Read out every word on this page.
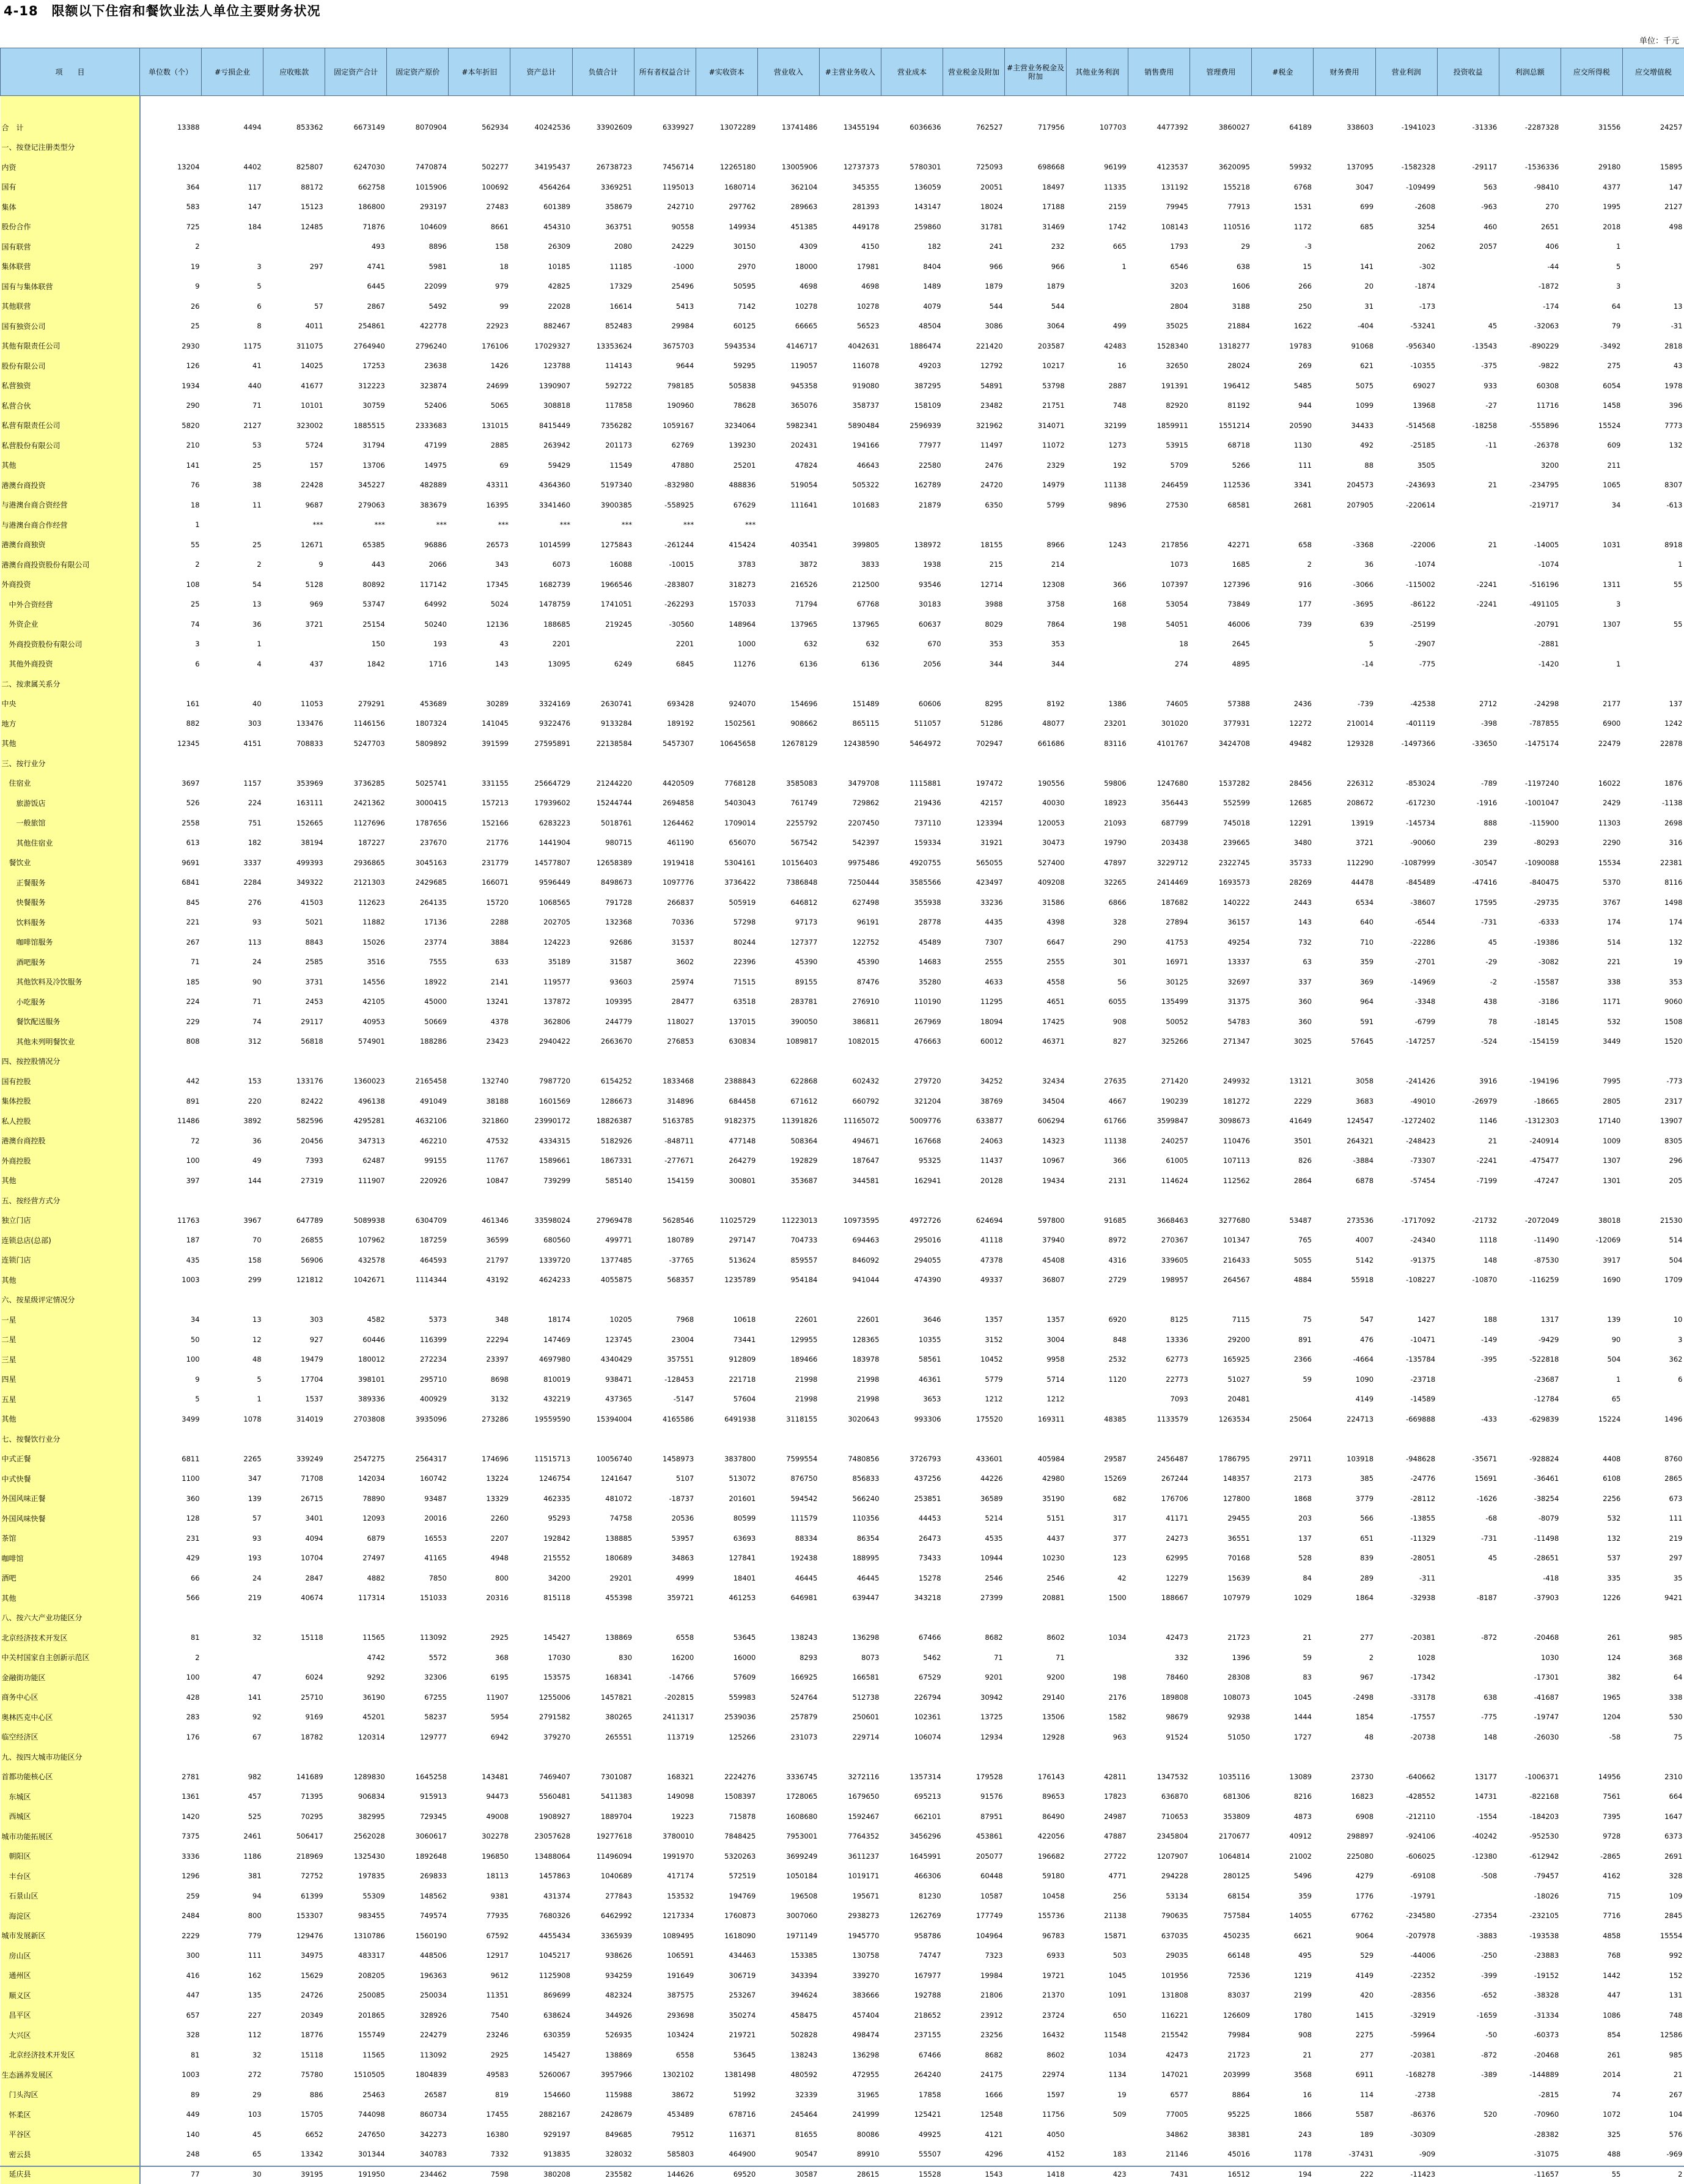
4-18　限额以下住宿和餐饮业法人单位主要财务状况
单位：千元
项　　目	单位数（个）	#亏损企业	应收账款	固定资产合计	固定资产原价	#本年折旧	资产总计	负债合计	所有者权益合计	#实收资本	营业收入	#主营业务收入	营业成本	营业税金及附加	#主营业务税金及附加	其他业务利润	销售费用	管理费用	#税金	财务费用	营业利润	投资收益	利润总额	应交所得税	应交增值税

合　计	13388	4494	853362	6673149	8070904	562934	40242536	33902609	6339927	13072289	13741486	13455194	6036636	762527	717956	107703	4477392	3860027	64189	338603	-1941023	-31336	-2287328	31556	24257
一、按登记注册类型分																									
内资	13204	4402	825807	6247030	7470874	502277	34195437	26738723	7456714	12265180	13005906	12737373	5780301	725093	698668	96199	4123537	3620095	59932	137095	-1582328	-29117	-1536336	29180	15895
国有	364	117	88172	662758	1015906	100692	4564264	3369251	1195013	1680714	362104	345355	136059	20051	18497	11335	131192	155218	6768	3047	-109499	563	-98410	4377	147
集体	583	147	15123	186800	293197	27483	601389	358679	242710	297762	289663	281393	143147	18024	17188	2159	79945	77913	1531	699	-2608	-963	270	1995	2127
股份合作	725	184	12485	71876	104609	8661	454310	363751	90558	149934	451385	449178	259860	31781	31469	1742	108143	110516	1172	685	3254	460	2651	2018	498
国有联营	2			493	8896	158	26309	2080	24229	30150	4309	4150	182	241	232	665	1793	29	-3		2062	2057	406	1	
集体联营	19	3	297	4741	5981	18	10185	11185	-1000	2970	18000	17981	8404	966	966	1	6546	638	15	141	-302		-44	5	
国有与集体联营	9	5		6445	22099	979	42825	17329	25496	50595	4698	4698	1489	1879	1879		3203	1606	266	20	-1874		-1872	3	
其他联营	26	6	57	2867	5492	99	22028	16614	5413	7142	10278	10278	4079	544	544		2804	3188	250	31	-173		-174	64	13
国有独资公司	25	8	4011	254861	422778	22923	882467	852483	29984	60125	66665	56523	48504	3086	3064	499	35025	21884	1622	-404	-53241	45	-32063	79	-31
其他有限责任公司	2930	1175	311075	2764940	2796240	176106	17029327	13353624	3675703	5943534	4146717	4042631	1886474	221420	203587	42483	1528340	1318277	19783	91068	-956340	-13543	-890229	-3492	2818
股份有限公司	126	41	14025	17253	23638	1426	123788	114143	9644	59295	119057	116078	49203	12792	10217	16	32650	28024	269	621	-10355	-375	-9822	275	43
私营独资	1934	440	41677	312223	323874	24699	1390907	592722	798185	505838	945358	919080	387295	54891	53798	2887	191391	196412	5485	5075	69027	933	60308	6054	1978
私营合伙	290	71	10101	30759	52406	5065	308818	117858	190960	78628	365076	358737	158109	23482	21751	748	82920	81192	944	1099	13968	-27	11716	1458	396
私营有限责任公司	5820	2127	323002	1885515	2333683	131015	8415449	7356282	1059167	3234064	5982341	5890484	2596939	321962	314071	32199	1859911	1551214	20590	34433	-514568	-18258	-555896	15524	7773
私营股份有限公司	210	53	5724	31794	47199	2885	263942	201173	62769	139230	202431	194166	77977	11497	11072	1273	53915	68718	1130	492	-25185	-11	-26378	609	132
其他	141	25	157	13706	14975	69	59429	11549	47880	25201	47824	46643	22580	2476	2329	192	5709	5266	111	88	3505		3200	211	
港澳台商投资	76	38	22428	345227	482889	43311	4364360	5197340	-832980	488836	519054	505322	162789	24720	14979	11138	246459	112536	3341	204573	-243693	21	-234795	1065	8307
与港澳台商合资经营	18	11	9687	279063	383679	16395	3341460	3900385	-558925	67629	111641	101683	21879	6350	5799	9896	27530	68581	2681	207905	-220614		-219717	34	-613
与港澳台商合作经营	1		***	***	***	***	***	***	***	***															
港澳台商独资	55	25	12671	65385	96886	26573	1014599	1275843	-261244	415424	403541	399805	138972	18155	8966	1243	217856	42271	658	-3368	-22006	21	-14005	1031	8918
港澳台商投资股份有限公司	2	2	9	443	2066	343	6073	16088	-10015	3783	3872	3833	1938	215	214		1073	1685	2	36	-1074		-1074		1
外商投资	108	54	5128	80892	117142	17345	1682739	1966546	-283807	318273	216526	212500	93546	12714	12308	366	107397	127396	916	-3066	-115002	-2241	-516196	1311	55
中外合资经营	25	13	969	53747	64992	5024	1478759	1741051	-262293	157033	71794	67768	30183	3988	3758	168	53054	73849	177	-3695	-86122	-2241	-491105	3	
外资企业	74	36	3721	25154	50240	12136	188685	219245	-30560	148964	137965	137965	60637	8029	7864	198	54051	46006	739	639	-25199		-20791	1307	55
外商投资股份有限公司	3	1		150	193	43	2201		2201	1000	632	632	670	353	353		18	2645		5	-2907		-2881		
其他外商投资	6	4	437	1842	1716	143	13095	6249	6845	11276	6136	6136	2056	344	344		274	4895		-14	-775		-1420	1	
二、按隶属关系分																									
中央	161	40	11053	279291	453689	30289	3324169	2630741	693428	924070	154696	151489	60606	8295	8192	1386	74605	57388	2436	-739	-42538	2712	-24298	2177	137
地方	882	303	133476	1146156	1807324	141045	9322476	9133284	189192	1502561	908662	865115	511057	51286	48077	23201	301020	377931	12272	210014	-401119	-398	-787855	6900	1242
其他	12345	4151	708833	5247703	5809892	391599	27595891	22138584	5457307	10645658	12678129	12438590	5464972	702947	661686	83116	4101767	3424708	49482	129328	-1497366	-33650	-1475174	22479	22878
三、按行业分																									
住宿业	3697	1157	353969	3736285	5025741	331155	25664729	21244220	4420509	7768128	3585083	3479708	1115881	197472	190556	59806	1247680	1537282	28456	226312	-853024	-789	-1197240	16022	1876
旅游饭店	526	224	163111	2421362	3000415	157213	17939602	15244744	2694858	5403043	761749	729862	219436	42157	40030	18923	356443	552599	12685	208672	-617230	-1916	-1001047	2429	-1138
一般旅馆	2558	751	152665	1127696	1787656	152166	6283223	5018761	1264462	1709014	2255792	2207450	737110	123394	120053	21093	687799	745018	12291	13919	-145734	888	-115900	11303	2698
其他住宿业	613	182	38194	187227	237670	21776	1441904	980715	461190	656070	567542	542397	159334	31921	30473	19790	203438	239665	3480	3721	-90060	239	-80293	2290	316
餐饮业	9691	3337	499393	2936865	3045163	231779	14577807	12658389	1919418	5304161	10156403	9975486	4920755	565055	527400	47897	3229712	2322745	35733	112290	-1087999	-30547	-1090088	15534	22381
正餐服务	6841	2284	349322	2121303	2429685	166071	9596449	8498673	1097776	3736422	7386848	7250444	3585566	423497	409208	32265	2414469	1693573	28269	44478	-845489	-47416	-840475	5370	8116
快餐服务	845	276	41503	112623	264135	15720	1068565	791728	266837	505919	646812	627498	355938	33236	31586	6866	187682	140222	2443	6534	-38607	17595	-29735	3767	1498
饮料服务	221	93	5021	11882	17136	2288	202705	132368	70336	57298	97173	96191	28778	4435	4398	328	27894	36157	143	640	-6544	-731	-6333	174	174
咖啡馆服务	267	113	8843	15026	23774	3884	124223	92686	31537	80244	127377	122752	45489	7307	6647	290	41753	49254	732	710	-22286	45	-19386	514	132
酒吧服务	71	24	2585	3516	7555	633	35189	31587	3602	22396	45390	45390	14683	2555	2555	301	16971	13337	63	359	-2701	-29	-3082	221	19
其他饮料及冷饮服务	185	90	3731	14556	18922	2141	119577	93603	25974	71515	89155	87476	35280	4633	4558	56	30125	32697	337	369	-14969	-2	-15587	338	353
小吃服务	224	71	2453	42105	45000	13241	137872	109395	28477	63518	283781	276910	110190	11295	4651	6055	135499	31375	360	964	-3348	438	-3186	1171	9060
餐饮配送服务	229	74	29117	40953	50669	4378	362806	244779	118027	137015	390050	386811	267969	18094	17425	908	50052	54783	360	591	-6799	78	-18145	532	1508
其他未列明餐饮业	808	312	56818	574901	188286	23423	2940422	2663670	276853	630834	1089817	1082015	476663	60012	46371	827	325266	271347	3025	57645	-147257	-524	-154159	3449	1520
四、按控股情况分																									
国有控股	442	153	133176	1360023	2165458	132740	7987720	6154252	1833468	2388843	622868	602432	279720	34252	32434	27635	271420	249932	13121	3058	-241426	3916	-194196	7995	-773
集体控股	891	220	82422	496138	491049	38188	1601569	1286673	314896	684458	671612	660792	321204	38769	34504	4667	190239	181272	2229	3683	-49010	-26979	-18665	2805	2317
私人控股	11486	3892	582596	4295281	4632106	321860	23990172	18826387	5163785	9182375	11391826	11165072	5009776	633877	606294	61766	3599847	3098673	41649	124547	-1272402	1146	-1312303	17140	13907
港澳台商控股	72	36	20456	347313	462210	47532	4334315	5182926	-848711	477148	508364	494671	167668	24063	14323	11138	240257	110476	3501	264321	-248423	21	-240914	1009	8305
外商控股	100	49	7393	62487	99155	11767	1589661	1867331	-277671	264279	192829	187647	95325	11437	10967	366	61005	107113	826	-3884	-73307	-2241	-475477	1307	296
其他	397	144	27319	111907	220926	10847	739299	585140	154159	300801	353687	344581	162941	20128	19434	2131	114624	112562	2864	6878	-57454	-7199	-47247	1301	205
五、按经营方式分																									
独立门店	11763	3967	647789	5089938	6304709	461346	33598024	27969478	5628546	11025729	11223013	10973595	4972726	624694	597800	91685	3668463	3277680	53487	273536	-1717092	-21732	-2072049	38018	21530
连锁总店(总部)	187	70	26855	107962	187259	36599	680560	499771	180789	297147	704733	694463	295016	41118	37940	8972	270367	101347	765	4007	-24340	1118	-11490	-12069	514
连锁门店	435	158	56906	432578	464593	21797	1339720	1377485	-37765	513624	859557	846092	294055	47378	45408	4316	339605	216433	5055	5142	-91375	148	-87530	3917	504
其他	1003	299	121812	1042671	1114344	43192	4624233	4055875	568357	1235789	954184	941044	474390	49337	36807	2729	198957	264567	4884	55918	-108227	-10870	-116259	1690	1709
六、按星级评定情况分																									
一星	34	13	303	4582	5373	348	18174	10205	7968	10618	22601	22601	3646	1357	1357	6920	8125	7115	75	547	1427	188	1317	139	10
二星	50	12	927	60446	116399	22294	147469	123745	23004	73441	129955	128365	10355	3152	3004	848	13336	29200	891	476	-10471	-149	-9429	90	3
三星	100	48	19479	180012	272234	23397	4697980	4340429	357551	912809	189466	183978	58561	10452	9958	2532	62773	165925	2366	-4664	-135784	-395	-522818	504	362
四星	9	5	17704	398101	295710	8698	810019	938471	-128453	221718	21998	21998	46361	5779	5714	1120	22773	51027	59	1090	-23718		-23687	1	6
五星	5	1	1537	389336	400929	3132	432219	437365	-5147	57604	21998	21998	3653	1212	1212		7093	20481		4149	-14589		-12784	65	
其他	3499	1078	314019	2703808	3935096	273286	19559590	15394004	4165586	6491938	3118155	3020643	993306	175520	169311	48385	1133579	1263534	25064	224713	-669888	-433	-629839	15224	1496
七、按餐饮行业分																									
中式正餐	6811	2265	339249	2547275	2564317	174696	11515713	10056740	1458973	3837800	7599554	7480856	3726793	433601	405984	29587	2456487	1786795	29711	103918	-948628	-35671	-928824	4408	8760
中式快餐	1100	347	71708	142034	160742	13224	1246754	1241647	5107	513072	876750	856833	437256	44226	42980	15269	267244	148357	2173	385	-24776	15691	-36461	6108	2865
外国风味正餐	360	139	26715	78890	93487	13329	462335	481072	-18737	201601	594542	566240	253851	36589	35190	682	176706	127800	1868	3779	-28112	-1626	-38254	2256	673
外国风味快餐	128	57	3401	12093	20016	2260	95293	74758	20536	80599	111579	110356	44453	5214	5151	317	41171	29455	203	566	-13855	-68	-8079	532	111
茶馆	231	93	4094	6879	16553	2207	192842	138885	53957	63693	88334	86354	26473	4535	4437	377	24273	36551	137	651	-11329	-731	-11498	132	219
咖啡馆	429	193	10704	27497	41165	4948	215552	180689	34863	127841	192438	188995	73433	10944	10230	123	62995	70168	528	839	-28051	45	-28651	537	297
酒吧	66	24	2847	4882	7850	800	34200	29201	4999	18401	46445	46445	15278	2546	2546	42	12279	15639	84	289	-311		-418	335	35
其他	566	219	40674	117314	151033	20316	815118	455398	359721	461253	646981	639447	343218	27399	20881	1500	188667	107979	1029	1864	-32938	-8187	-37903	1226	9421
八、按六大产业功能区分																									
北京经济技术开发区	81	32	15118	11565	113092	2925	145427	138869	6558	53645	138243	136298	67466	8682	8602	1034	42473	21723	21	277	-20381	-872	-20468	261	985
中关村国家自主创新示范区	2			4742	5572	368	17030	830	16200	16000	8293	8073	5462	71	71		332	1396	59	2	1028		1030	124	368
金融街功能区	100	47	6024	9292	32306	6195	153575	168341	-14766	57609	166925	166581	67529	9201	9200	198	78460	28308	83	967	-17342		-17301	382	64
商务中心区	428	141	25710	36190	67255	11907	1255006	1457821	-202815	559983	524764	512738	226794	30942	29140	2176	189808	108073	1045	-2498	-33178	638	-41687	1965	338
奥林匹克中心区	283	92	9169	45201	58237	5954	2791582	380265	2411317	2539036	257879	250601	102361	13725	13506	1582	98679	92938	1444	1854	-17557	-775	-19747	1204	530
临空经济区	176	67	18782	120314	129777	6942	379270	265551	113719	125266	231073	229714	106074	12934	12928	963	91524	51050	1727	48	-20738	148	-26030	-58	75
九、按四大城市功能区分																									
首都功能核心区	2781	982	141689	1289830	1645258	143481	7469407	7301087	168321	2224276	3336745	3272116	1357314	179528	176143	42811	1347532	1035116	13089	23730	-640662	13177	-1006371	14956	2310
东城区	1361	457	71395	906834	915913	94473	5560481	5411383	149098	1508397	1728065	1679650	695213	91576	89653	17823	636870	681306	8216	16823	-428552	14731	-822168	7561	664
西城区	1420	525	70295	382995	729345	49008	1908927	1889704	19223	715878	1608680	1592467	662101	87951	86490	24987	710653	353809	4873	6908	-212110	-1554	-184203	7395	1647
城市功能拓展区	7375	2461	506417	2562028	3060617	302278	23057628	19277618	3780010	7848425	7953001	7764352	3456296	453861	422056	47887	2345804	2170677	40912	298897	-924106	-40242	-952530	9728	6373
朝阳区	3336	1186	218969	1325430	1892648	196850	13488064	11496094	1991970	5320263	3699249	3611237	1645991	205077	196682	27722	1207907	1064814	21002	225080	-606025	-12380	-612942	-2865	2691
丰台区	1296	381	72752	197835	269833	18113	1457863	1040689	417174	572519	1050184	1019171	466306	60448	59180	4771	294228	280125	5496	4279	-69108	-508	-79457	4162	328
石景山区	259	94	61399	55309	148562	9381	431374	277843	153532	194769	196508	195671	81230	10587	10458	256	53134	68154	359	1776	-19791		-18026	715	109
海淀区	2484	800	153307	983455	749574	77935	7680326	6462992	1217334	1760873	3007060	2938273	1262769	177749	155736	21138	790635	757584	14055	67762	-234580	-27354	-232105	7716	2845
城市发展新区	2229	779	129476	1310786	1560190	67592	4455434	3365939	1089495	1618090	1971149	1945770	958786	104964	96783	15871	637035	450235	6621	9064	-207978	-3883	-193538	4858	15554
房山区	300	111	34975	483317	448506	12917	1045217	938626	106591	434463	153385	130758	74747	7323	6933	503	29035	66148	495	529	-44006	-250	-23883	768	992
通州区	416	162	15629	208205	196363	9612	1125908	934259	191649	306719	343394	339270	167977	19984	19721	1045	101956	72536	1219	4149	-22352	-399	-19152	1442	152
顺义区	447	135	24726	250085	250034	11351	869699	482324	387575	253267	394624	383666	192788	21806	21370	1091	131808	83037	2199	420	-28356	-652	-38328	447	131
昌平区	657	227	20349	201865	328926	7540	638624	344926	293698	350274	458475	457404	218652	23912	23724	650	116221	126609	1780	1415	-32919	-1659	-31334	1086	748
大兴区	328	112	18776	155749	224279	23246	630359	526935	103424	219721	502828	498474	237155	23256	16432	11548	215542	79984	908	2275	-59964	-50	-60373	854	12586
北京经济技术开发区	81	32	15118	11565	113092	2925	145427	138869	6558	53645	138243	136298	67466	8682	8602	1034	42473	21723	21	277	-20381	-872	-20468	261	985
生态涵养发展区	1003	272	75780	1510505	1804839	49583	5260067	3957966	1302102	1381498	480592	472955	264240	24175	22974	1134	147021	203999	3568	6911	-168278	-389	-144889	2014	21
门头沟区	89	29	886	25463	26587	819	154660	115988	38672	51992	32339	31965	17858	1666	1597	19	6577	8864	16	114	-2738		-2815	74	267
怀柔区	449	103	15705	744098	860734	17455	2882167	2428679	453489	678716	245464	241999	125421	12548	11756	509	77005	95225	1866	5587	-86376	520	-70960	1072	104
平谷区	140	45	6652	247650	342273	16380	929197	849685	79512	116371	81655	80086	49925	4121	4050		34862	38381	243	189	-30309		-28382	325	576
密云县	248	65	13342	301344	340783	7332	913835	328032	585803	464900	90547	89910	55507	4296	4152	183	21146	45016	1178	-37431	-909		-31075	488	-969
延庆县	77	30	39195	191950	234462	7598	380208	235582	144626	69520	30587	28615	15528	1543	1418	423	7431	16512	194	222	-11423		-11657	55	2
